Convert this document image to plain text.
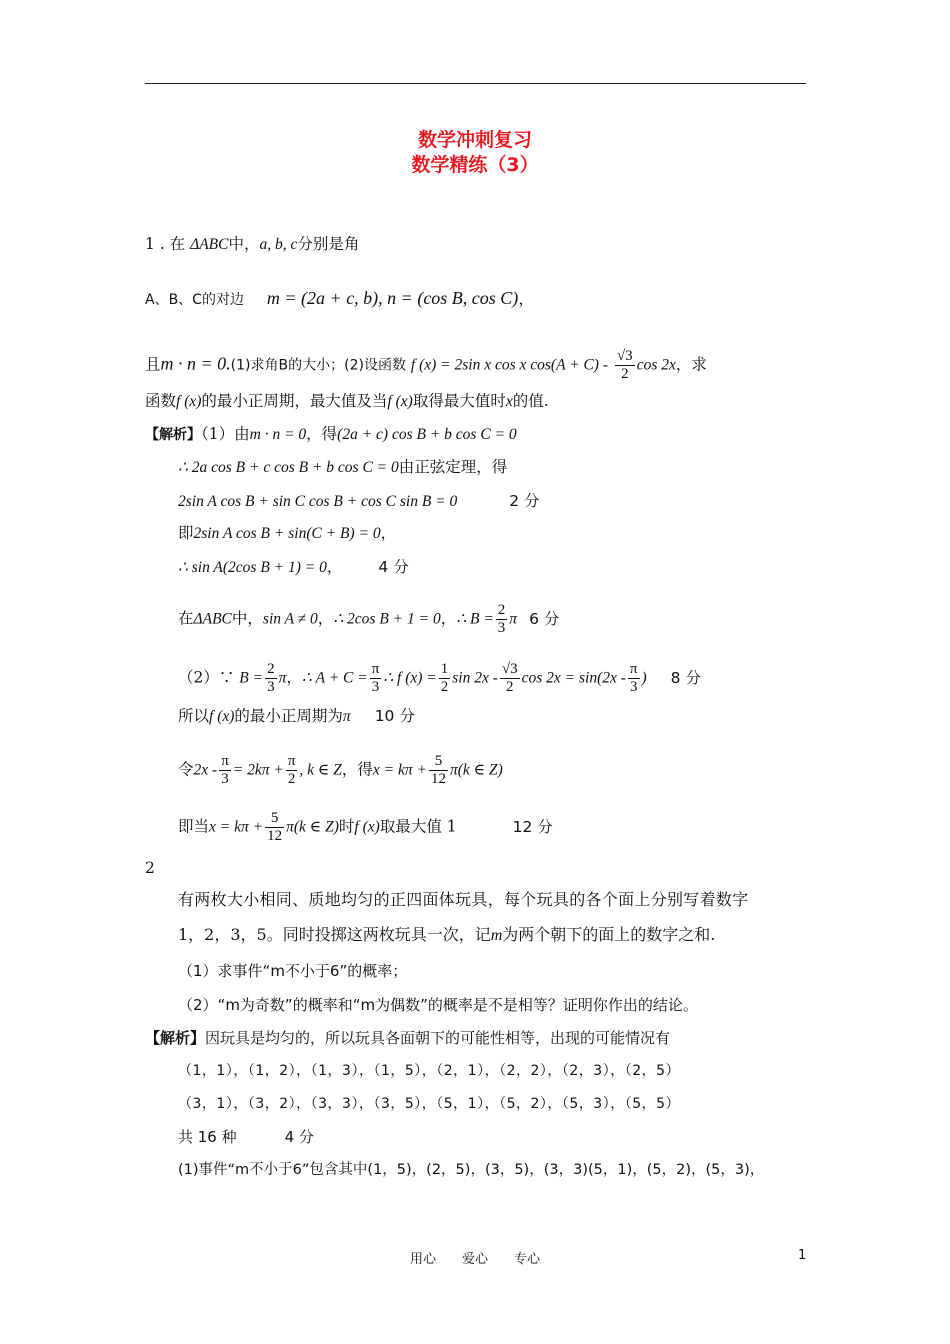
数学冲刺复习
数学精练（3）
1 . 在 ΔABC中，a, b, c分别是角
A、B、C的对边 m = (2a + c, b), n = (cos B, cos C)，
且m · n = 0.(1)求角B的大小；(2)设函数 f (x) = 2sin x cos x $\cos(A + C) - \frac{√3}{2}$ cos 2x，求
函数f (x)的最小正周期，最大值及当f (x)取得最大值时x的值.
【解析】（1）由m · n = 0，得(2a + c) cos B + b cos C = 0
∴ 2a cos B + c cos B + b cos C = 0由正弦定理，得
2sin A cos B + sin C cos B + cos C sin B = 0	2 分
即2sin A cos B + sin(C + B) = 0，
∴ sin A(2cos B + 1) = 0， 4 分
在ΔABC中，sin A ≠ 0，∴ 2cos B + 1 = 0，∴ $B = \frac{2}{3}$ π 6 分
（2）∵ $B = \frac{2}{3}$ π，∴ $A + C = \frac{\pi}{3}$ ∴ f $(x) = \frac{1}{2}$ $\sin 2x - \frac{√3}{2}$ $\cos 2x = \sin(2x - \frac{\pi}{3}$ ) 8 分
所以f (x)的最小正周期为π 10 分
令$2x - \frac{\pi}{3} = 2k\pi + \frac{\pi}{2}$ , k ∈ Z，得$x = k\pi + \frac{5}{12} \pi(k$ ∈ Z)
即当$x = k\pi + \frac{5}{12} \pi(k$ ∈ Z)时f (x)取最大值 1	12 分
2
有两枚大小相同、质地均匀的正四面体玩具，每个玩具的各个面上分别写着数字
1，2，3，5。同时投掷这两枚玩具一次，记m为两个朝下的面上的数字之和.
（1）求事件“m不小于6”的概率；
（2）“m为奇数”的概率和“m为偶数”的概率是不是相等？证明你作出的结论。
【解析】因玩具是均匀的，所以玩具各面朝下的可能性相等，出现的可能情况有
（1，1），（1，2），（1，3），（1，5），（2，1），（2，2），（2，3），（2，5）
（3，1），（3，2），（3，3），（3，5），（5，1），（5，2），（5，3），（5，5）
共 16 种	4 分
(1)事件“m不小于6”包含其中(1，5)，(2，5)，(3，5)，(3，3)(5，1)，(5，2)，(5，3)，
用心　　爱心　　专心	1
